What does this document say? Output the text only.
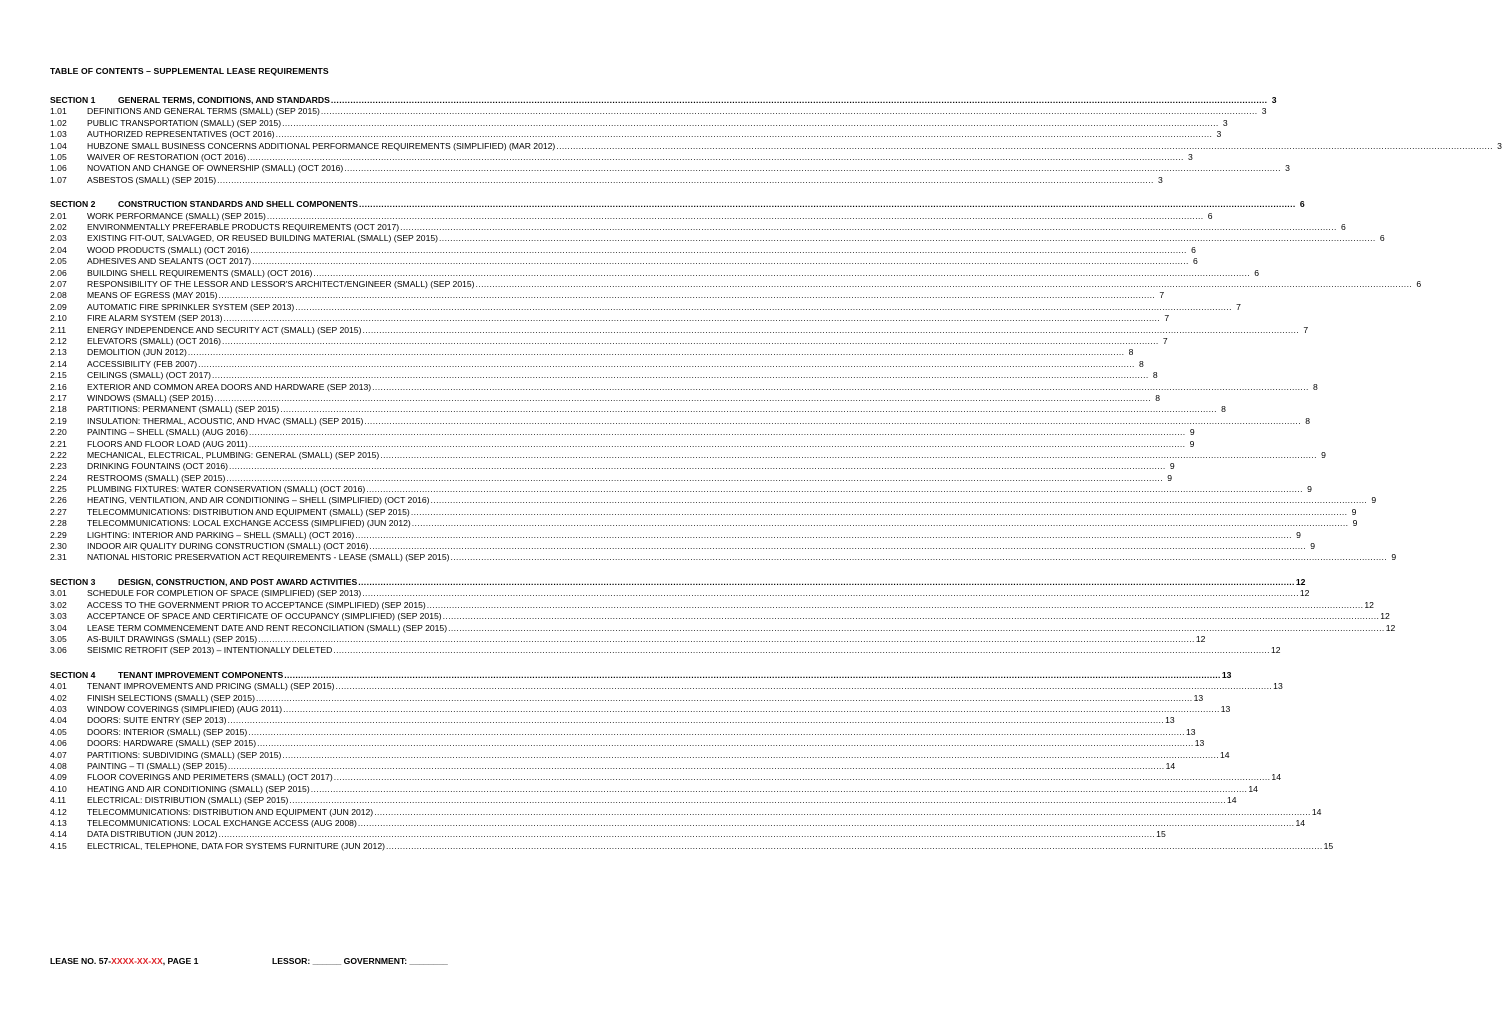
TABLE OF CONTENTS – SUPPLEMENTAL LEASE REQUIREMENTS
SECTION 1	GENERAL TERMS, CONDITIONS, AND STANDARDS .....	3
1.01	DEFINITIONS AND GENERAL TERMS (SMALL) (SEP 2015) .....	3
1.02	PUBLIC TRANSPORTATION (SMALL) (SEP 2015) .....	3
1.03	AUTHORIZED REPRESENTATIVES (OCT 2016) .....	3
1.04	HUBZONE SMALL BUSINESS CONCERNS ADDITIONAL PERFORMANCE REQUIREMENTS (SIMPLIFIED) (MAR 2012) .....	3
1.05	WAIVER OF RESTORATION (OCT 2016) .....	3
1.06	NOVATION AND CHANGE OF OWNERSHIP (SMALL) (OCT 2016) .....	3
1.07	ASBESTOS (SMALL) (SEP 2015) .....	3
SECTION 2	CONSTRUCTION STANDARDS AND SHELL COMPONENTS .....	6
2.01	WORK PERFORMANCE (SMALL) (SEP 2015) .....	6
2.02	ENVIRONMENTALLY PREFERABLE PRODUCTS REQUIREMENTS (OCT 2017) .....	6
2.03	EXISTING FIT-OUT, SALVAGED, OR REUSED BUILDING MATERIAL (SMALL) (SEP 2015) .....	6
2.04	WOOD PRODUCTS (SMALL) (OCT 2016) .....	6
2.05	ADHESIVES AND SEALANTS (OCT 2017) .....	6
2.06	BUILDING SHELL REQUIREMENTS (SMALL) (OCT 2016) .....	6
2.07	RESPONSIBILITY OF THE LESSOR AND LESSOR'S ARCHITECT/ENGINEER (SMALL) (SEP 2015) .....	6
2.08	MEANS OF EGRESS (MAY 2015) .....	7
2.09	AUTOMATIC FIRE SPRINKLER SYSTEM (SEP 2013) .....	7
2.10	FIRE ALARM SYSTEM (SEP 2013) .....	7
2.11	ENERGY INDEPENDENCE AND SECURITY ACT (SMALL) (SEP 2015) .....	7
2.12	ELEVATORS (SMALL) (OCT 2016) .....	7
2.13	DEMOLITION (JUN 2012) .....	8
2.14	ACCESSIBILITY (FEB 2007) .....	8
2.15	CEILINGS (SMALL) (OCT 2017) .....	8
2.16	EXTERIOR AND COMMON AREA DOORS AND HARDWARE (SEP 2013) .....	8
2.17	WINDOWS (SMALL) (SEP 2015) .....	8
2.18	PARTITIONS: PERMANENT (SMALL) (SEP 2015) .....	8
2.19	INSULATION: THERMAL, ACOUSTIC, AND HVAC (SMALL) (SEP 2015) .....	8
2.20	PAINTING – SHELL (SMALL) (AUG 2016) .....	9
2.21	FLOORS AND FLOOR LOAD (AUG 2011) .....	9
2.22	MECHANICAL, ELECTRICAL, PLUMBING: GENERAL (SMALL) (SEP 2015) .....	9
2.23	DRINKING FOUNTAINS (OCT 2016) .....	9
2.24	RESTROOMS (SMALL) (SEP 2015) .....	9
2.25	PLUMBING FIXTURES: WATER CONSERVATION (SMALL) (OCT 2016) .....	9
2.26	HEATING, VENTILATION, AND AIR CONDITIONING – SHELL (SIMPLIFIED) (OCT 2016) .....	9
2.27	TELECOMMUNICATIONS: DISTRIBUTION AND EQUIPMENT (SMALL) (SEP 2015) .....	9
2.28	TELECOMMUNICATIONS: LOCAL EXCHANGE ACCESS (SIMPLIFIED) (JUN 2012) .....	9
2.29	LIGHTING: INTERIOR AND PARKING – SHELL (SMALL) (OCT 2016) .....	9
2.30	INDOOR AIR QUALITY DURING CONSTRUCTION (SMALL) (OCT 2016) .....	9
2.31	NATIONAL HISTORIC PRESERVATION ACT REQUIREMENTS - LEASE (SMALL) (SEP 2015) .....	9
SECTION 3	DESIGN, CONSTRUCTION, AND POST AWARD ACTIVITIES .....	12
3.01	SCHEDULE FOR COMPLETION OF SPACE (SIMPLIFIED) (SEP 2013) .....	12
3.02	ACCESS TO THE GOVERNMENT PRIOR TO ACCEPTANCE (SIMPLIFIED) (SEP 2015) .....	12
3.03	ACCEPTANCE OF SPACE AND CERTIFICATE OF OCCUPANCY (SIMPLIFIED) (SEP 2015) .....	12
3.04	LEASE TERM COMMENCEMENT DATE AND RENT RECONCILIATION (SMALL) (SEP 2015) .....	12
3.05	AS-BUILT DRAWINGS (SMALL) (SEP 2015) .....	12
3.06	SEISMIC RETROFIT (SEP 2013) – INTENTIONALLY DELETED .....	12
SECTION 4	TENANT IMPROVEMENT COMPONENTS .....	13
4.01	TENANT IMPROVEMENTS AND PRICING (SMALL) (SEP 2015) .....	13
4.02	FINISH SELECTIONS (SMALL) (SEP 2015) .....	13
4.03	WINDOW COVERINGS (SIMPLIFIED) (AUG 2011) .....	13
4.04	DOORS: SUITE ENTRY (SEP 2013) .....	13
4.05	DOORS: INTERIOR (SMALL) (SEP 2015) .....	13
4.06	DOORS: HARDWARE (SMALL) (SEP 2015) .....	13
4.07	PARTITIONS: SUBDIVIDING (SMALL) (SEP 2015) .....	14
4.08	PAINTING – TI (SMALL) (SEP 2015) .....	14
4.09	FLOOR COVERINGS AND PERIMETERS (SMALL) (OCT 2017) .....	14
4.10	HEATING AND AIR CONDITIONING (SMALL) (SEP 2015) .....	14
4.11	ELECTRICAL: DISTRIBUTION (SMALL) (SEP 2015) .....	14
4.12	TELECOMMUNICATIONS: DISTRIBUTION AND EQUIPMENT (JUN 2012) .....	14
4.13	TELECOMMUNICATIONS: LOCAL EXCHANGE ACCESS (AUG 2008) .....	14
4.14	DATA DISTRIBUTION (JUN 2012) .....	15
4.15	ELECTRICAL, TELEPHONE, DATA FOR SYSTEMS FURNITURE (JUN 2012) .....	15
LEASE NO. 57-XXXX-XX-XX, PAGE 1	LESSOR: ______ GOVERNMENT: ________
